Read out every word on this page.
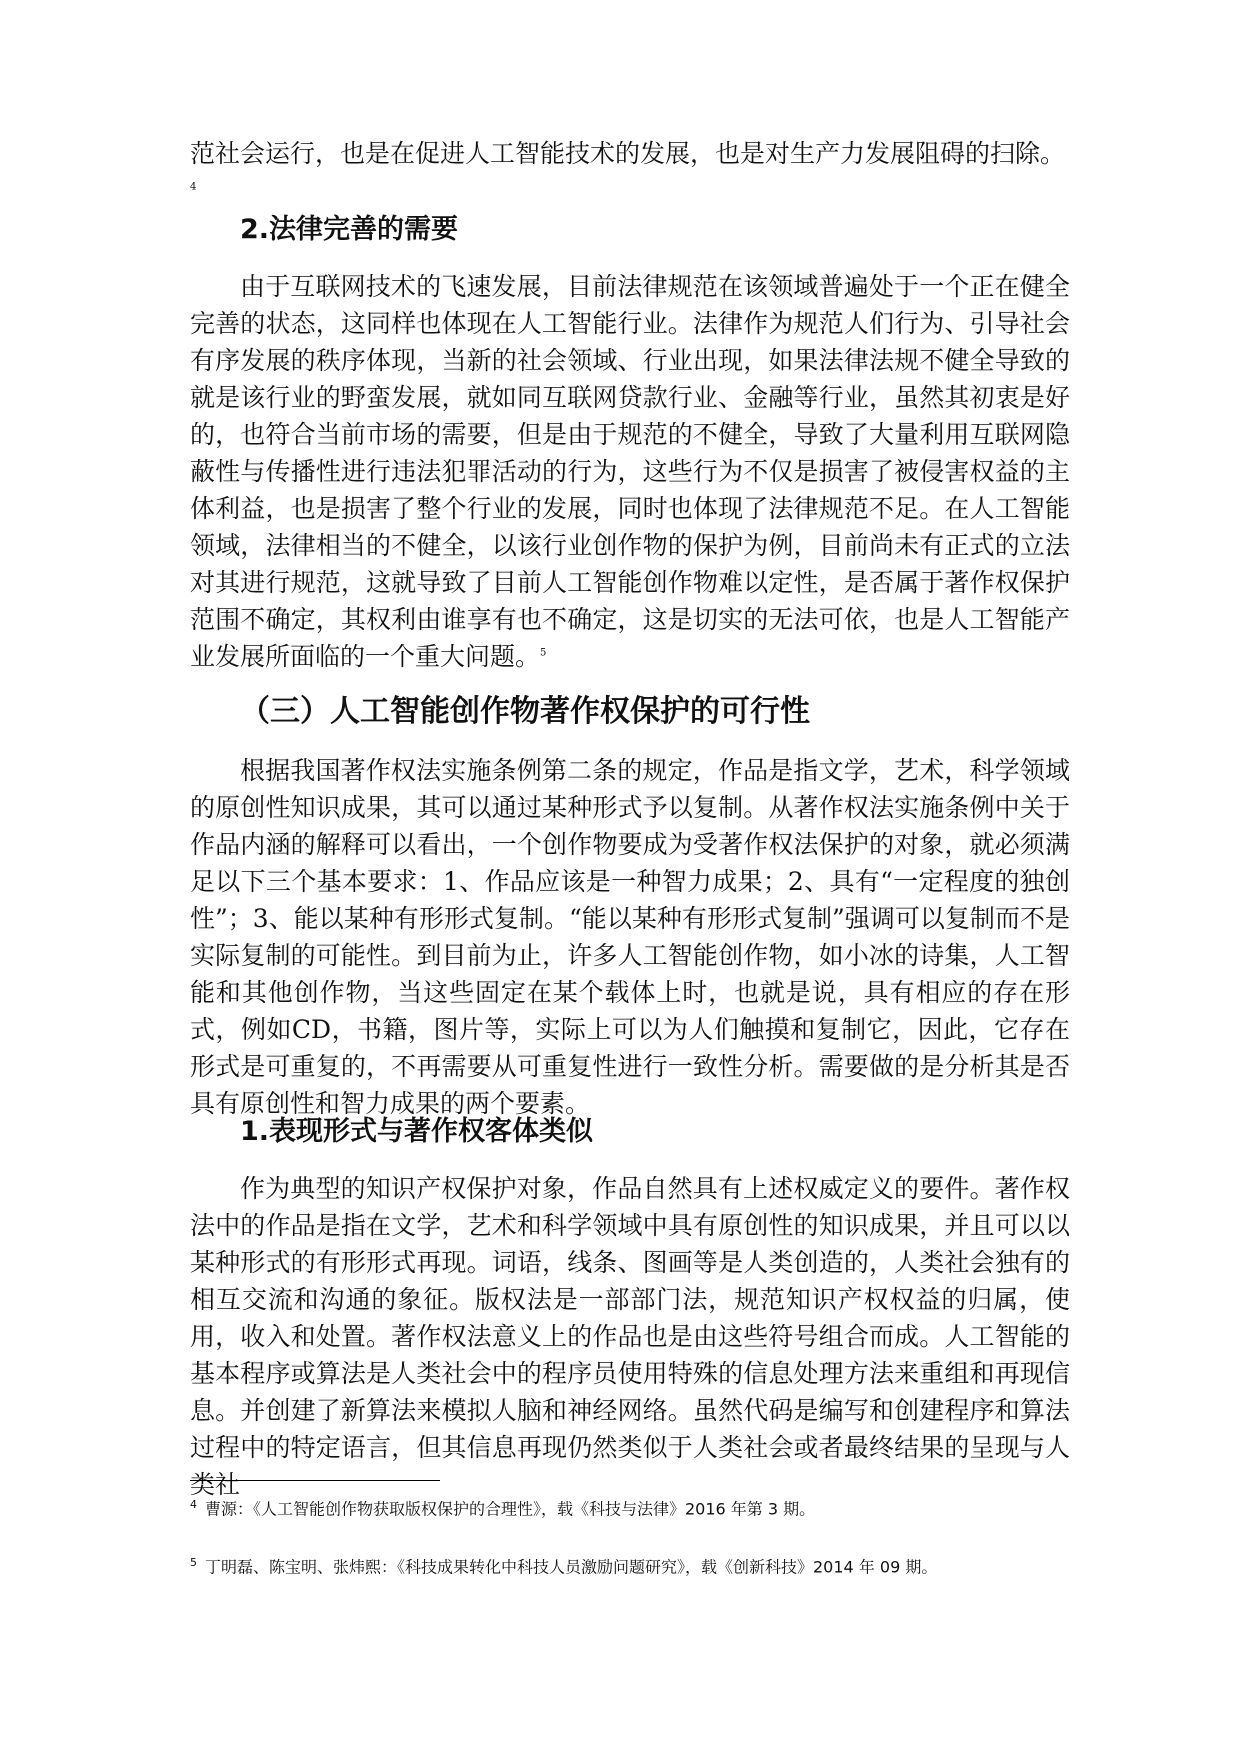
范社会运行，也是在促进人工智能技术的发展，也是对生产力发展阻碍的扫除。
$^4$
2.法律完善的需要
由于互联网技术的飞速发展，目前法律规范在该领域普遍处于一个正在健全完善的状态，这同样也体现在人工智能行业。法律作为规范人们行为、引导社会有序发展的秩序体现，当新的社会领域、行业出现，如果法律法规不健全导致的就是该行业的野蛮发展，就如同互联网贷款行业、金融等行业，虽然其初衷是好的，也符合当前市场的需要，但是由于规范的不健全，导致了大量利用互联网隐蔽性与传播性进行违法犯罪活动的行为，这些行为不仅是损害了被侵害权益的主体利益，也是损害了整个行业的发展，同时也体现了法律规范不足。在人工智能领域，法律相当的不健全，以该行业创作物的保护为例，目前尚未有正式的立法对其进行规范，这就导致了目前人工智能创作物难以定性，是否属于著作权保护范围不确定，其权利由谁享有也不确定，这是切实的无法可依，也是人工智能产业发展所面临的一个重大问题。$^5$
（三）人工智能创作物著作权保护的可行性
根据我国著作权法实施条例第二条的规定，作品是指文学，艺术，科学领域的原创性知识成果，其可以通过某种形式予以复制。从著作权法实施条例中关于作品内涵的解释可以看出，一个创作物要成为受著作权法保护的对象，就必须满足以下三个基本要求：1、作品应该是一种智力成果；2、具有“一定程度的独创性”；3、能以某种有形形式复制。“能以某种有形形式复制”强调可以复制而不是实际复制的可能性。到目前为止，许多人工智能创作物，如小冰的诗集，人工智能和其他创作物，当这些固定在某个载体上时，也就是说，具有相应的存在形式，例如CD，书籍，图片等，实际上可以为人们触摸和复制它，因此，它存在形式是可重复的，不再需要从可重复性进行一致性分析。需要做的是分析其是否具有原创性和智力成果的两个要素。
1.表现形式与著作权客体类似
作为典型的知识产权保护对象，作品自然具有上述权威定义的要件。著作权法中的作品是指在文学，艺术和科学领域中具有原创性的知识成果，并且可以以某种形式的有形形式再现。词语，线条、图画等是人类创造的，人类社会独有的相互交流和沟通的象征。版权法是一部部门法，规范知识产权权益的归属，使用，收入和处置。著作权法意义上的作品也是由这些符号组合而成。人工智能的基本程序或算法是人类社会中的程序员使用特殊的信息处理方法来重组和再现信息。并创建了新算法来模拟人脑和神经网络。虽然代码是编写和创建程序和算法过程中的特定语言，但其信息再现仍然类似于人类社会或者最终结果的呈现与人类社
$^4$ 曹源：《人工智能创作物获取版权保护的合理性》，载《科技与法律》2016 年第 3 期。
$^5$ 丁明磊、陈宝明、张炜熙：《科技成果转化中科技人员激励问题研究》，载《创新科技》2014 年 09 期。
